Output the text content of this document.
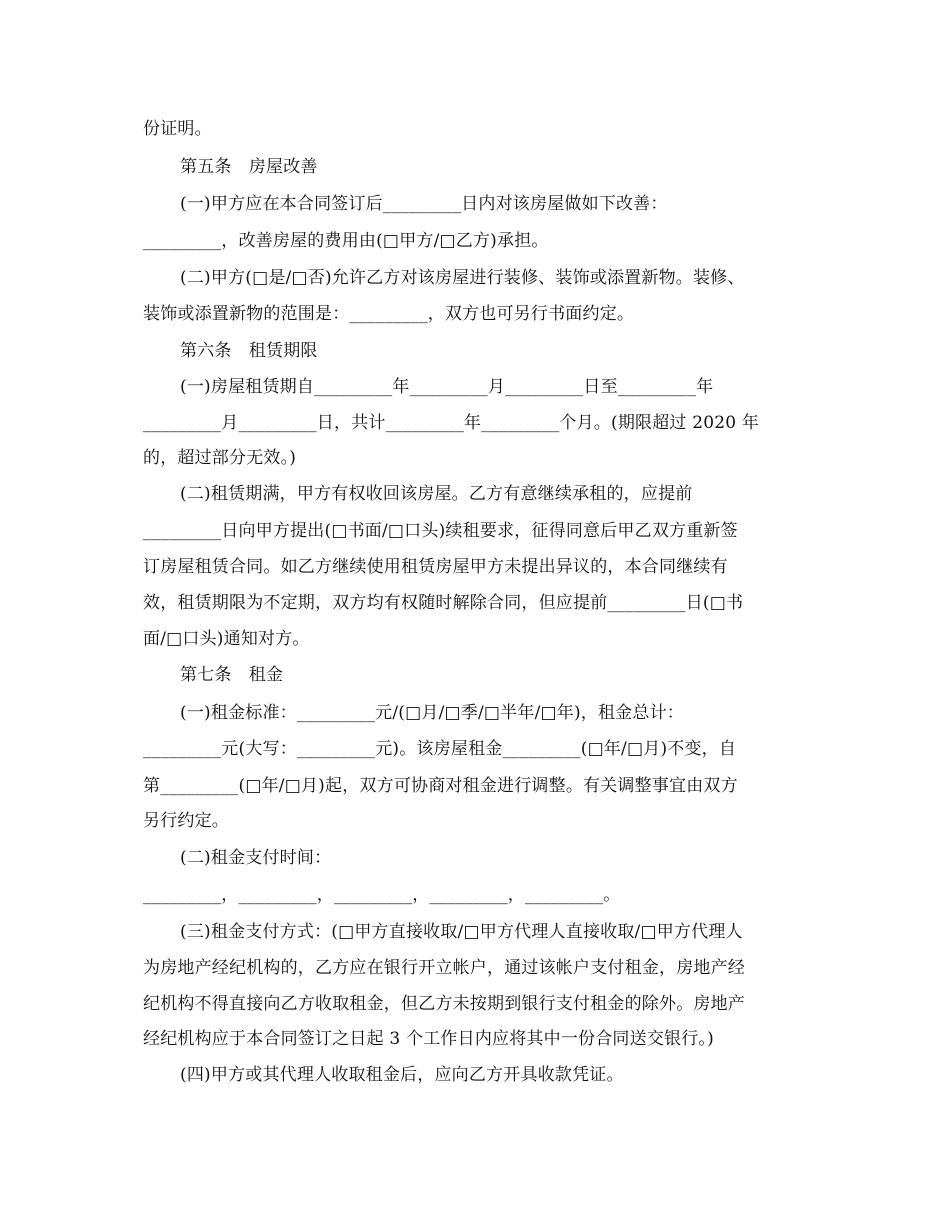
份证明。
第五条　房屋改善
(一)甲方应在本合同签订后_________日内对该房屋做如下改善：
_________，改善房屋的费用由(□甲方/□乙方)承担。
(二)甲方(□是/□否)允许乙方对该房屋进行装修、装饰或添置新物。装修、
装饰或添置新物的范围是：_________，双方也可另行书面约定。
第六条　租赁期限
(一)房屋租赁期自_________年_________月_________日至_________年
_________月_________日，共计_________年_________个月。(期限超过 2020 年
的，超过部分无效。)
(二)租赁期满，甲方有权收回该房屋。乙方有意继续承租的，应提前
_________日向甲方提出(□书面/□口头)续租要求，征得同意后甲乙双方重新签
订房屋租赁合同。如乙方继续使用租赁房屋甲方未提出异议的，本合同继续有
效，租赁期限为不定期，双方均有权随时解除合同，但应提前_________日(□书
面/□口头)通知对方。
第七条　租金
(一)租金标准：_________元/(□月/□季/□半年/□年)，租金总计：
_________元(大写：_________元)。该房屋租金_________(□年/□月)不变，自
第_________(□年/□月)起，双方可协商对租金进行调整。有关调整事宜由双方
另行约定。
(二)租金支付时间：
_________，_________，_________，_________，_________。
(三)租金支付方式：(□甲方直接收取/□甲方代理人直接收取/□甲方代理人
为房地产经纪机构的，乙方应在银行开立帐户，通过该帐户支付租金，房地产经
纪机构不得直接向乙方收取租金，但乙方未按期到银行支付租金的除外。房地产
经纪机构应于本合同签订之日起 3 个工作日内应将其中一份合同送交银行。)
(四)甲方或其代理人收取租金后，应向乙方开具收款凭证。
